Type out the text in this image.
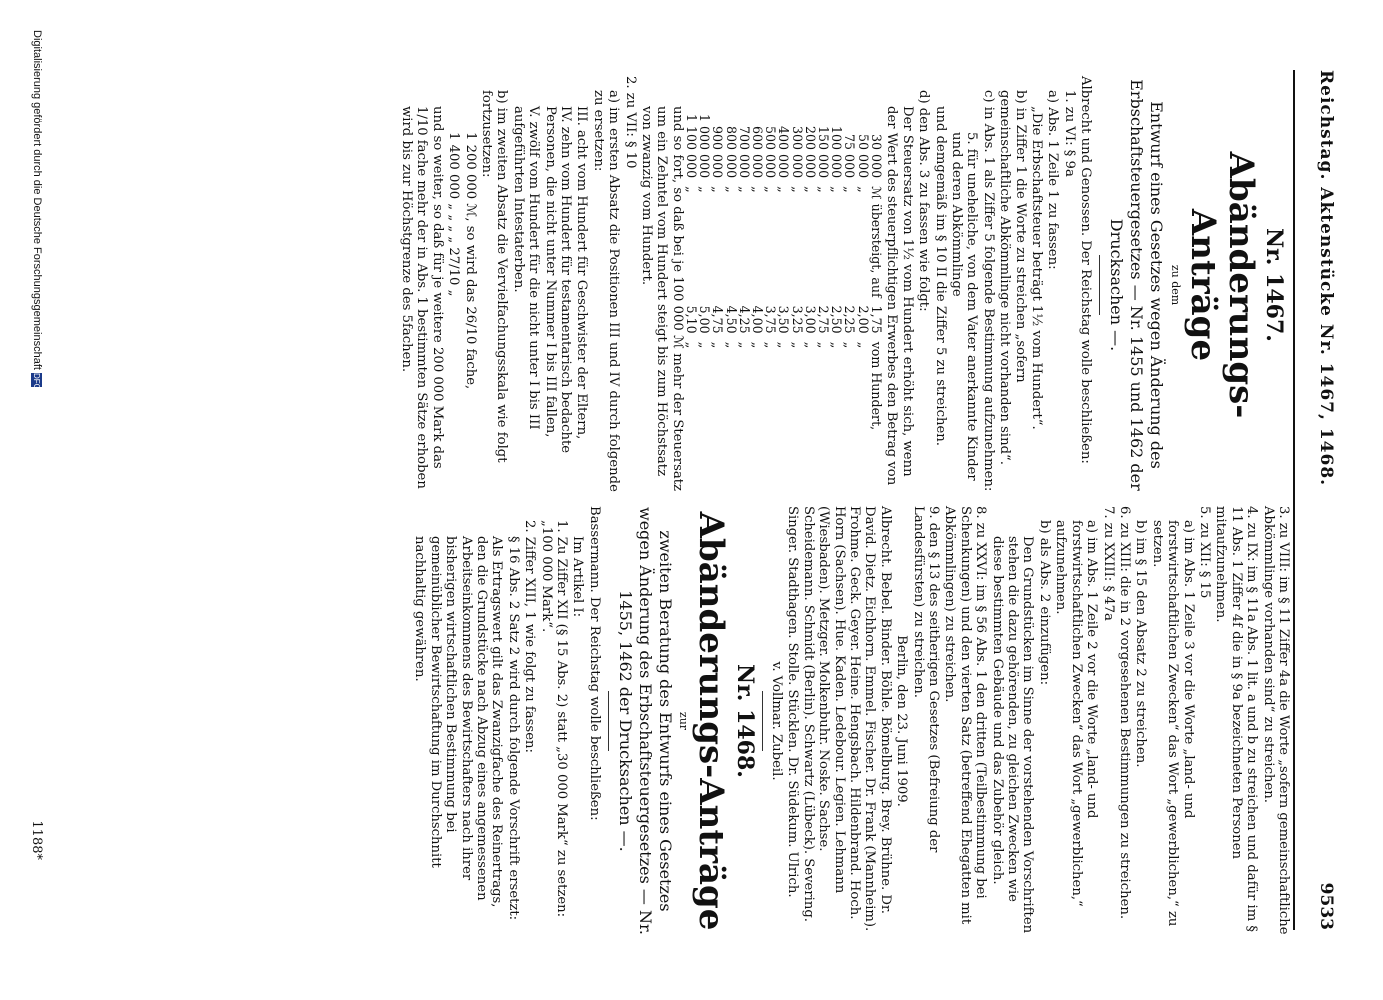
Reichstag. Aktenstücke Nr. 1467, 1468.
9533

Nr. 1467.

Abänderungs-Anträge

zu dem

Entwurf eines Gesetzes wegen Änderung des Erbschaftsteuergesetzes — Nr. 1455 und 1462 der Drucksachen —.

Albrecht und Genossen. Der Reichstag wolle beschließen:

1. zu VI: § 9a

a) Abs. 1 Zeile 1 zu fassen:

„Die Erbschaftsteuer beträgt 1½ vom Hundert“.

b) in Ziffer 1 die Worte zu streichen „sofern gemeinschaftliche Abkömmlinge nicht vorhanden sind“.

c) in Abs. 1 als Ziffer 5 folgende Bestimmung aufzunehmen:

5. für uneheliche, von dem Vater anerkannte Kinder und deren Abkömmlinge

und demgemäß im § 10 II die Ziffer 5 zu streichen.

d) den Abs. 3 zu fassen wie folgt:

Der Steuersatz von 1½ vom Hundert erhöht sich, wenn der Wert des steuerpflichtigen Erwerbes den Betrag von

30 000	ℳ übersteigt, auf	1,75	vom Hundert,
50 000	„	2,00	„
75 000	„	2,25	„
100 000	„	2,50	„
150 000	„	2,75	„
200 000	„	3,00	„
300 000	„	3,25	„
400 000	„	3,50	„
500 000	„	3,75	„
600 000	„	4,00	„
700 000	„	4,25	„
800 000	„	4,50	„
900 000	„	4,75	„
1 000 000	„	5,00	„
1 100 000	„	5,10	„

und so fort, so daß bei je 100 000 ℳ mehr der Steuersatz um ein Zehntel vom Hundert steigt bis zum Höchstsatz von zwanzig vom Hundert.

2. zu VII: § 10

a) im ersten Absatz die Positionen III und IV durch folgende zu ersetzen:

III. acht vom Hundert für Geschwister der Eltern,

IV. zehn vom Hundert für testamentarisch bedachte Personen, die nicht unter Nummer I bis III fallen,

V. zwölf vom Hundert für die nicht unter I bis III aufgeführten Intestaterben.

b) im zweiten Absatz die Vervielfachungsskala wie folgt fortzusetzen:

1 200 000 ℳ, so wird das 26/10 fache,

1 400 000 „ „ „ „ 27/10 „

und so weiter, so daß für je weitere 200 000 Mark das 1/10 fache mehr der in Abs. 1 bestimmten Sätze erhoben wird bis zur Höchstgrenze des 5fachen.

3. zu VIII: im § 11 Ziffer 4a die Worte „sofern gemeinschaftliche Abkömmlinge vorhanden sind“ zu streichen.

4. zu IX: im § 11a Abs. 1 lit. a und b zu streichen und dafür im § 11 Abs. 1 Ziffer 4f die in § 9a bezeichneten Personen mitaufzunehmen.

5. zu XII: § 15

a) im Abs. 1 Zeile 3 vor die Worte „land- und forstwirtschaftlichen Zwecken“ das Wort „gewerblichen,“ zu setzen.

b) im § 15 den Absatz 2 zu streichen.

6. zu XIII: die in 2 vorgesehenen Bestimmungen zu streichen.

7. zu XXIII: § 47a

a) im Abs. 1 Zeile 2 vor die Worte „land- und forstwirtschaftlichen Zwecken“ das Wort „gewerblichen,“ aufzunehmen.

b) als Abs. 2 einzufügen:

Den Grundstücken im Sinne der vorstehenden Vorschriften stehen die dazu gehörenden, zu gleichen Zwecken wie diese bestimmten Gebäude und das Zubehör gleich.

8. zu XXVI: im § 56 Abs. 1 den dritten (Teilbestimmung bei Schenkungen) und den vierten Satz (betreffend Ehegatten mit Abkömmlingen) zu streichen.

9. den § 13 des seitherigen Gesetzes (Befreiung der Landesfürsten) zu streichen.

Berlin, den 23. Juni 1909.

Albrecht. Bebel. Binder. Böhle. Bömelburg. Brey. Brühne. Dr. David. Dietz. Eichhorn. Emmel. Fischer. Dr. Frank (Mannheim). Frohme. Geck. Geyer. Heine. Hengsbach. Hildenbrand. Hoch. Horn (Sachsen). Hue. Kaden. Ledebour. Legien. Lehmann (Wiesbaden). Metzger. Molkenbuhr. Noske. Sachse. Scheidemann. Schmidt (Berlin). Schwartz (Lübeck). Severing. Singer. Stadthagen. Stolle. Stücklen. Dr. Südekum. Ulrich.

v. Vollmar. Zubeil.

Nr. 1468.

Abänderungs-Anträge

zur

zweiten Beratung des Entwurfs eines Gesetzes wegen Änderung des Erbschaftsteuergesetzes — Nr. 1455, 1462 der Drucksachen —.

Bassermann. Der Reichstag wolle beschließen:

Im Artikel I:

1. Zu Ziffer XII (§ 15 Abs. 2) statt „30 000 Mark“ zu setzen: „100 000 Mark“.

2. Ziffer XIII, 1 wie folgt zu fassen:

§ 16 Abs. 2 Satz 2 wird durch folgende Vorschrift ersetzt:

Als Ertragswert gilt das Zwanzigfache des Reinertrags, den die Grundstücke nach Abzug eines angemessenen Arbeitseinkommens des Bewirtschafters nach ihrer bisherigen wirtschaftlichen Bestimmung bei gemeinüblicher Bewirtschaftung im Durchschnitt nachhaltig gewähren.

Digitalisierung gefördert durch die Deutsche ForschungsgemeinschaftDFG
1188*
